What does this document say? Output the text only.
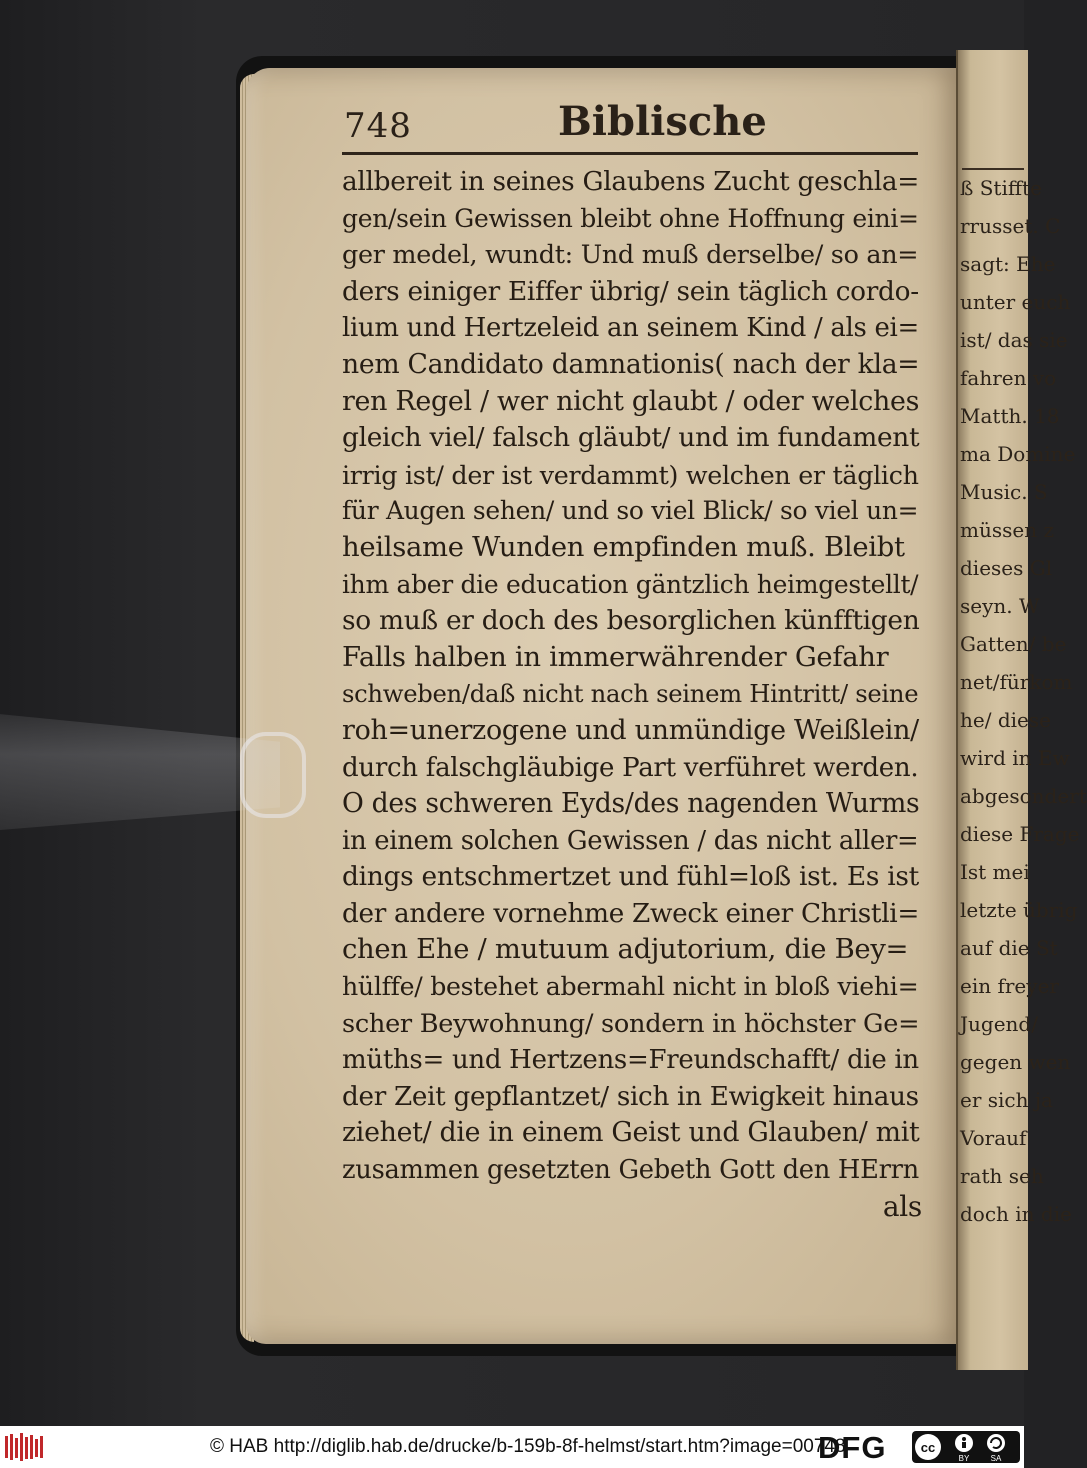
ß Stiffte
rrusset. C
sagt: Ehe
unter euch
ist/ das sie
fahren vo
Matth. 18
ma Domine
Music. S
müssen z
dieses Gl
seyn. W
Gatten/ be
net/fürkom
he/ diese
wird in Ew
abgesondert
diese Frage
Ist mei
letzte übrig
auf die St
ein freyer
Jugend/
gegen wen
er sich ja
Vorauf
rath seh
doch in die
748	Biblische
allbereit in seines Glaubens Zucht geschla=
gen/sein Gewissen bleibt ohne Hoffnung eini=
ger medel, wundt: Und muß derselbe/ so an=
ders einiger Eiffer übrig/ sein täglich cordo-
lium und Hertzeleid an seinem Kind / als ei=
nem Candidato damnationis( nach der kla=
ren Regel / wer nicht glaubt / oder welches
gleich viel/ falsch gläubt/ und im fundament
irrig ist/ der ist verdammt) welchen er täglich
für Augen sehen/ und so viel Blick/ so viel un=
heilsame Wunden empfinden muß. Bleibt
ihm aber die education gäntzlich heimgestellt/
so muß er doch des besorglichen künfftigen
Falls halben in immerwährender Gefahr
schweben/daß nicht nach seinem Hintritt/ seine
roh=unerzogene und unmündige Weißlein/
durch falschgläubige Part verführet werden.
O des schweren Eyds/des nagenden Wurms
in einem solchen Gewissen / das nicht aller=
dings entschmertzet und fühl=loß ist. Es ist
der andere vornehme Zweck einer Christli=
chen Ehe / mutuum adjutorium, die Bey=
hülffe/ bestehet abermahl nicht in bloß viehi=
scher Beywohnung/ sondern in höchster Ge=
müths= und Hertzens=Freundschafft/ die in
der Zeit gepflantzet/ sich in Ewigkeit hinaus
ziehet/ die in einem Geist und Glauben/ mit
zusammen gesetzten Gebeth Gott den HErrn
als
© HAB http://diglib.hab.de/drucke/b-159b-8f-helmst/start.htm?image=00748
DFG	cc
BY	SA
